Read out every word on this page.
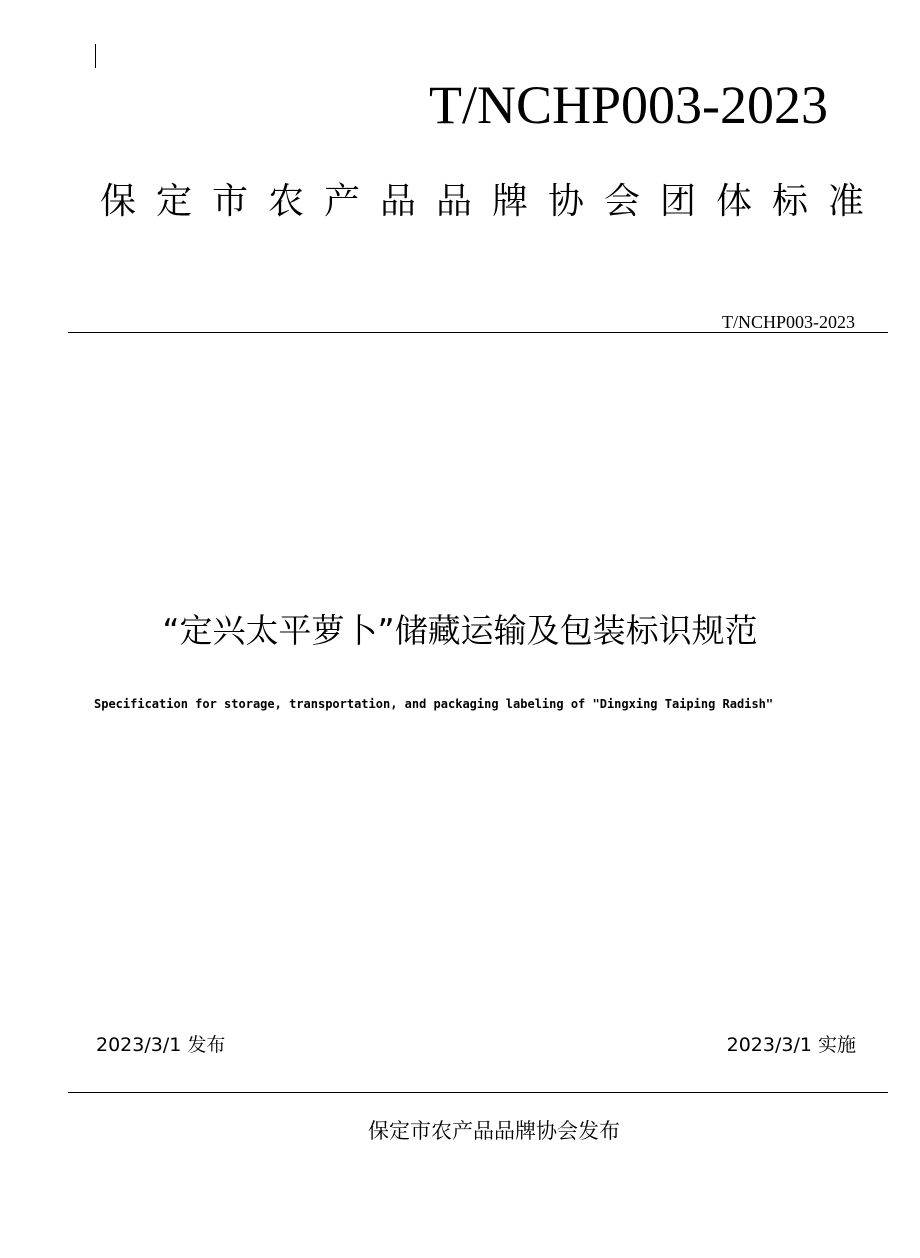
T/NCHP003-2023
保定市农产品品牌协会团体标准
T/NCHP003-2023
“定兴太平萝卜”储藏运输及包装标识规范
Specification for storage, transportation, and packaging labeling of "Dingxing Taiping Radish"
2023/3/1 发布	2023/3/1 实施
保定市农产品品牌协会发布
